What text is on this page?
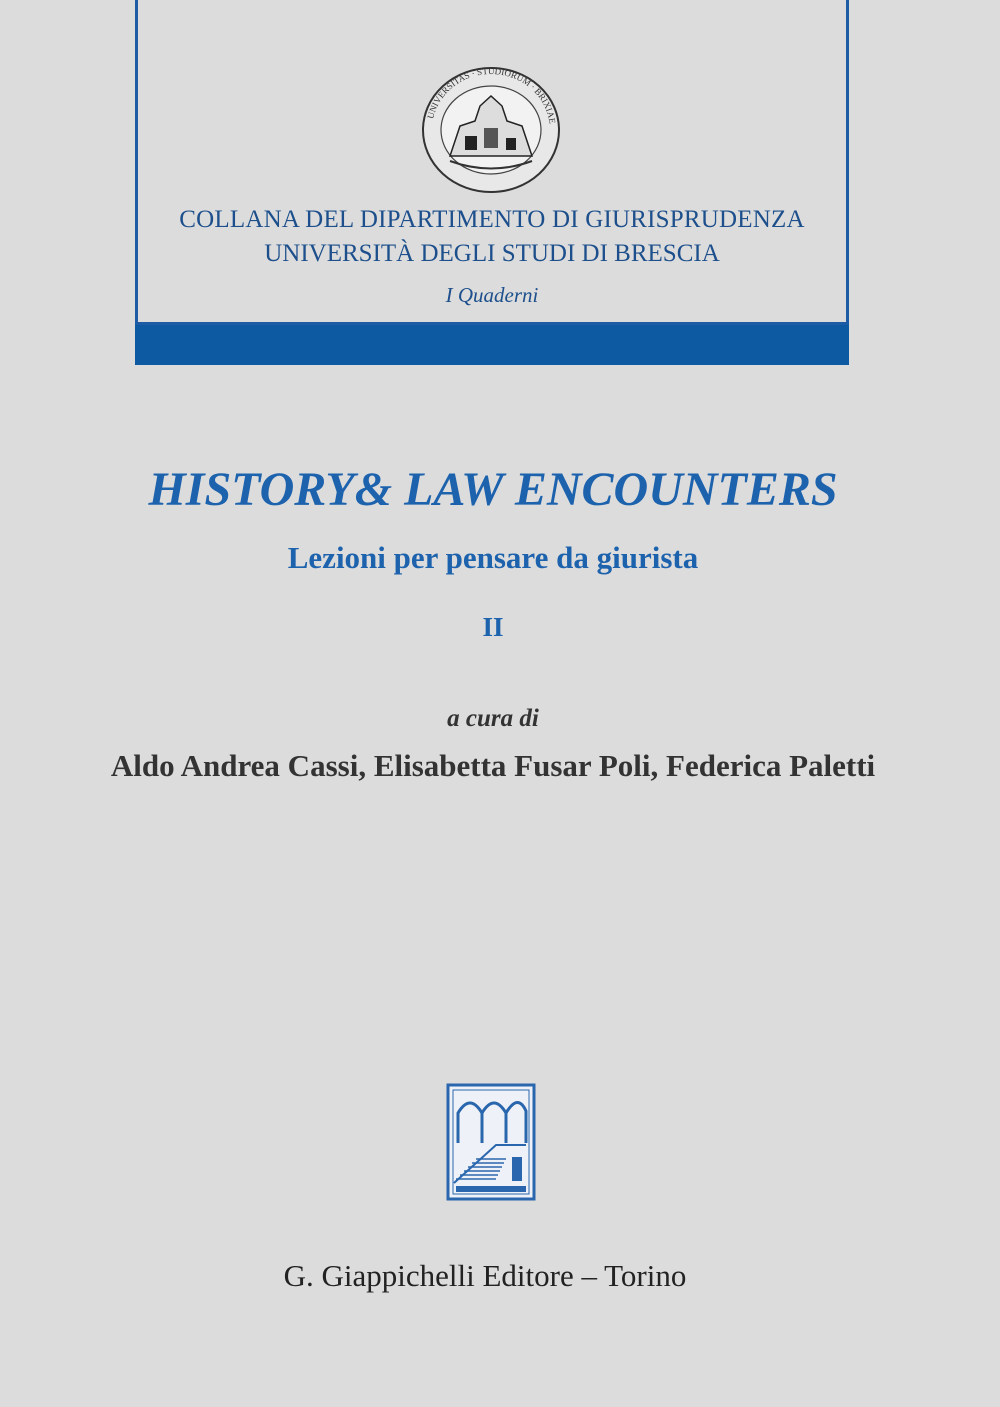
UNIVERSITAS · STUDIORUM · BRIXIAE
COLLANA DEL DIPARTIMENTO DI GIURISPRUDENZA
UNIVERSITÀ DEGLI STUDI DI BRESCIA
I Quaderni
HISTORY& LAW ENCOUNTERS
Lezioni per pensare da giurista
II
a cura di
Aldo Andrea Cassi, Elisabetta Fusar Poli, Federica Paletti
G. Giappichelli Editore – Torino
